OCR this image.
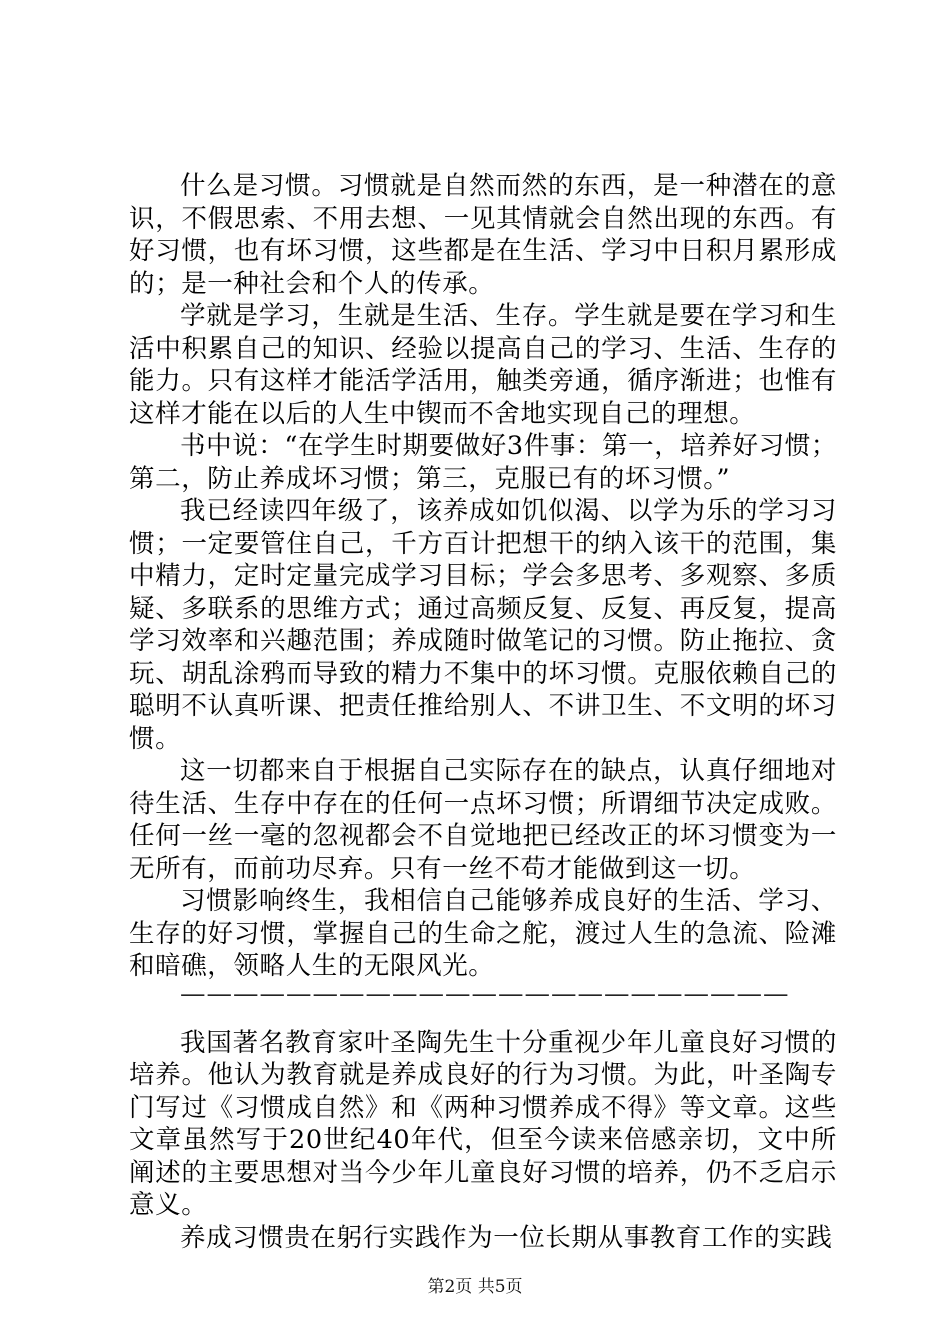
什么是习惯。习惯就是自然而然的东西，是一种潜在的意识，不假思索、不用去想、一见其情就会自然出现的东西。有好习惯，也有坏习惯，这些都是在生活、学习中日积月累形成的；是一种社会和个人的传承。

学就是学习，生就是生活、生存。学生就是要在学习和生活中积累自己的知识、经验以提高自己的学习、生活、生存的能力。只有这样才能活学活用，触类旁通，循序渐进；也惟有这样才能在以后的人生中锲而不舍地实现自己的理想。

书中说：“在学生时期要做好3件事：第一，培养好习惯；第二，防止养成坏习惯；第三，克服已有的坏习惯。”

我已经读四年级了，该养成如饥似渴、以学为乐的学习习惯；一定要管住自己，千方百计把想干的纳入该干的范围，集中精力，定时定量完成学习目标；学会多思考、多观察、多质疑、多联系的思维方式；通过高频反复、反复、再反复，提高学习效率和兴趣范围；养成随时做笔记的习惯。防止拖拉、贪玩、胡乱涂鸦而导致的精力不集中的坏习惯。克服依赖自己的聪明不认真听课、把责任推给别人、不讲卫生、不文明的坏习惯。

这一切都来自于根据自己实际存在的缺点，认真仔细地对待生活、生存中存在的任何一点坏习惯；所谓细节决定成败。任何一丝一毫的忽视都会不自觉地把已经改正的坏习惯变为一无所有，而前功尽弃。只有一丝不苟才能做到这一切。

习惯影响终生，我相信自己能够养成良好的生活、学习、生存的好习惯，掌握自己的生命之舵，渡过人生的急流、险滩和暗礁，领略人生的无限风光。

———————————————————————

我国著名教育家叶圣陶先生十分重视少年儿童良好习惯的培养。他认为教育就是养成良好的行为习惯。为此，叶圣陶专门写过《习惯成自然》和《两种习惯养成不得》等文章。这些文章虽然写于20世纪40年代，但至今读来倍感亲切，文中所阐述的主要思想对当今少年儿童良好习惯的培养，仍不乏启示意义。

养成习惯贵在躬行实践作为一位长期从事教育工作的实践

第2页 共5页
